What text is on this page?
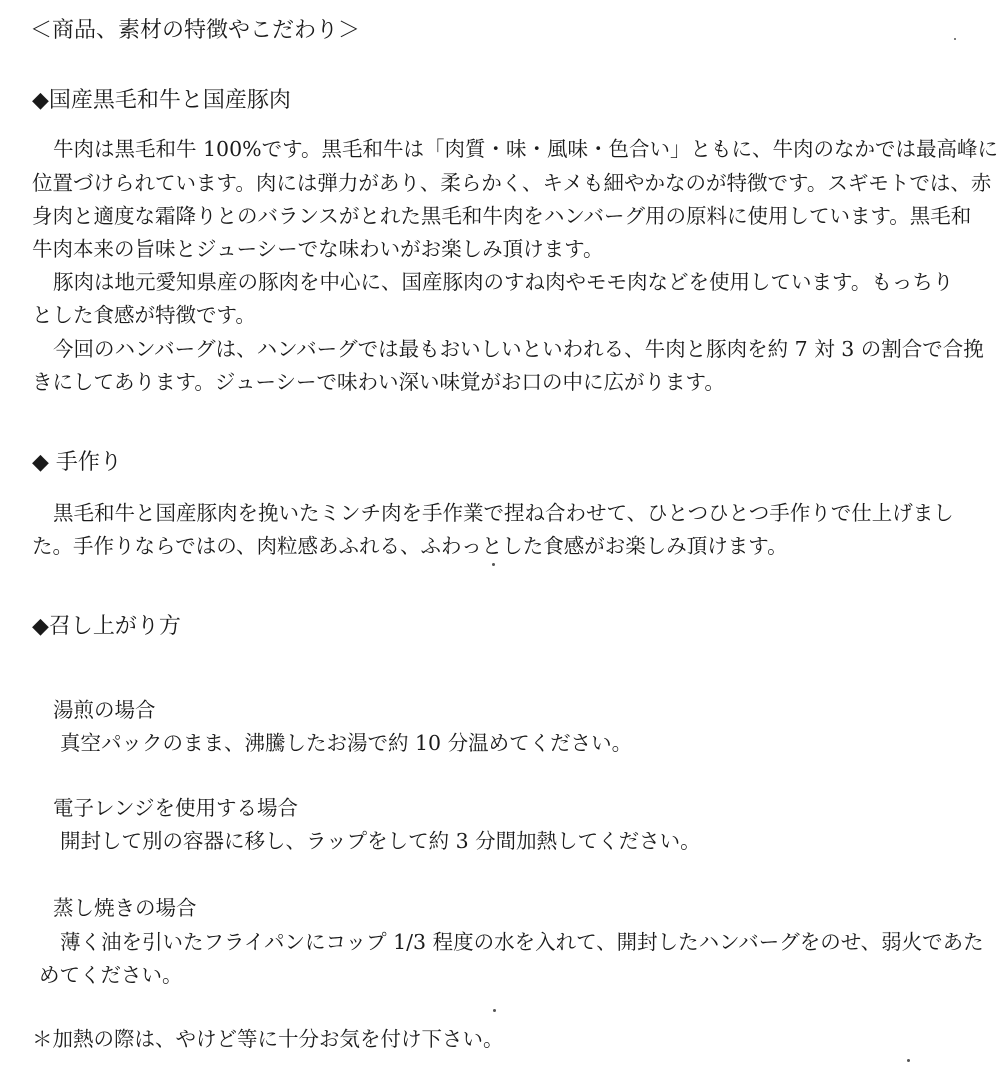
＜商品、素材の特徴やこだわり＞
◆国産黒毛和牛と国産豚肉
牛肉は黒毛和牛 100%です。黒毛和牛は「肉質・味・風味・色合い」ともに、牛肉のなかでは最高峰に
位置づけられています。肉には弾力があり、柔らかく、キメも細やかなのが特徴です。スギモトでは、赤
身肉と適度な霜降りとのバランスがとれた黒毛和牛肉をハンバーグ用の原料に使用しています。黒毛和
牛肉本来の旨味とジューシーでな味わいがお楽しみ頂けます。
豚肉は地元愛知県産の豚肉を中心に、国産豚肉のすね肉やモモ肉などを使用しています。もっちり
とした食感が特徴です。
今回のハンバーグは、ハンバーグでは最もおいしいといわれる、牛肉と豚肉を約 7 対 3 の割合で合挽
きにしてあります。ジューシーで味わい深い味覚がお口の中に広がります。
◆ 手作り
黒毛和牛と国産豚肉を挽いたミンチ肉を手作業で捏ね合わせて、ひとつひとつ手作りで仕上げまし
た。手作りならではの、肉粒感あふれる、ふわっとした食感がお楽しみ頂けます。
◆召し上がり方
湯煎の場合
真空パックのまま、沸騰したお湯で約 10 分温めてください。
電子レンジを使用する場合
開封して別の容器に移し、ラップをして約 3 分間加熱してください。
蒸し焼きの場合
薄く油を引いたフライパンにコップ 1/3 程度の水を入れて、開封したハンバーグをのせ、弱火であた
めてください。
＊加熱の際は、やけど等に十分お気を付け下さい。
